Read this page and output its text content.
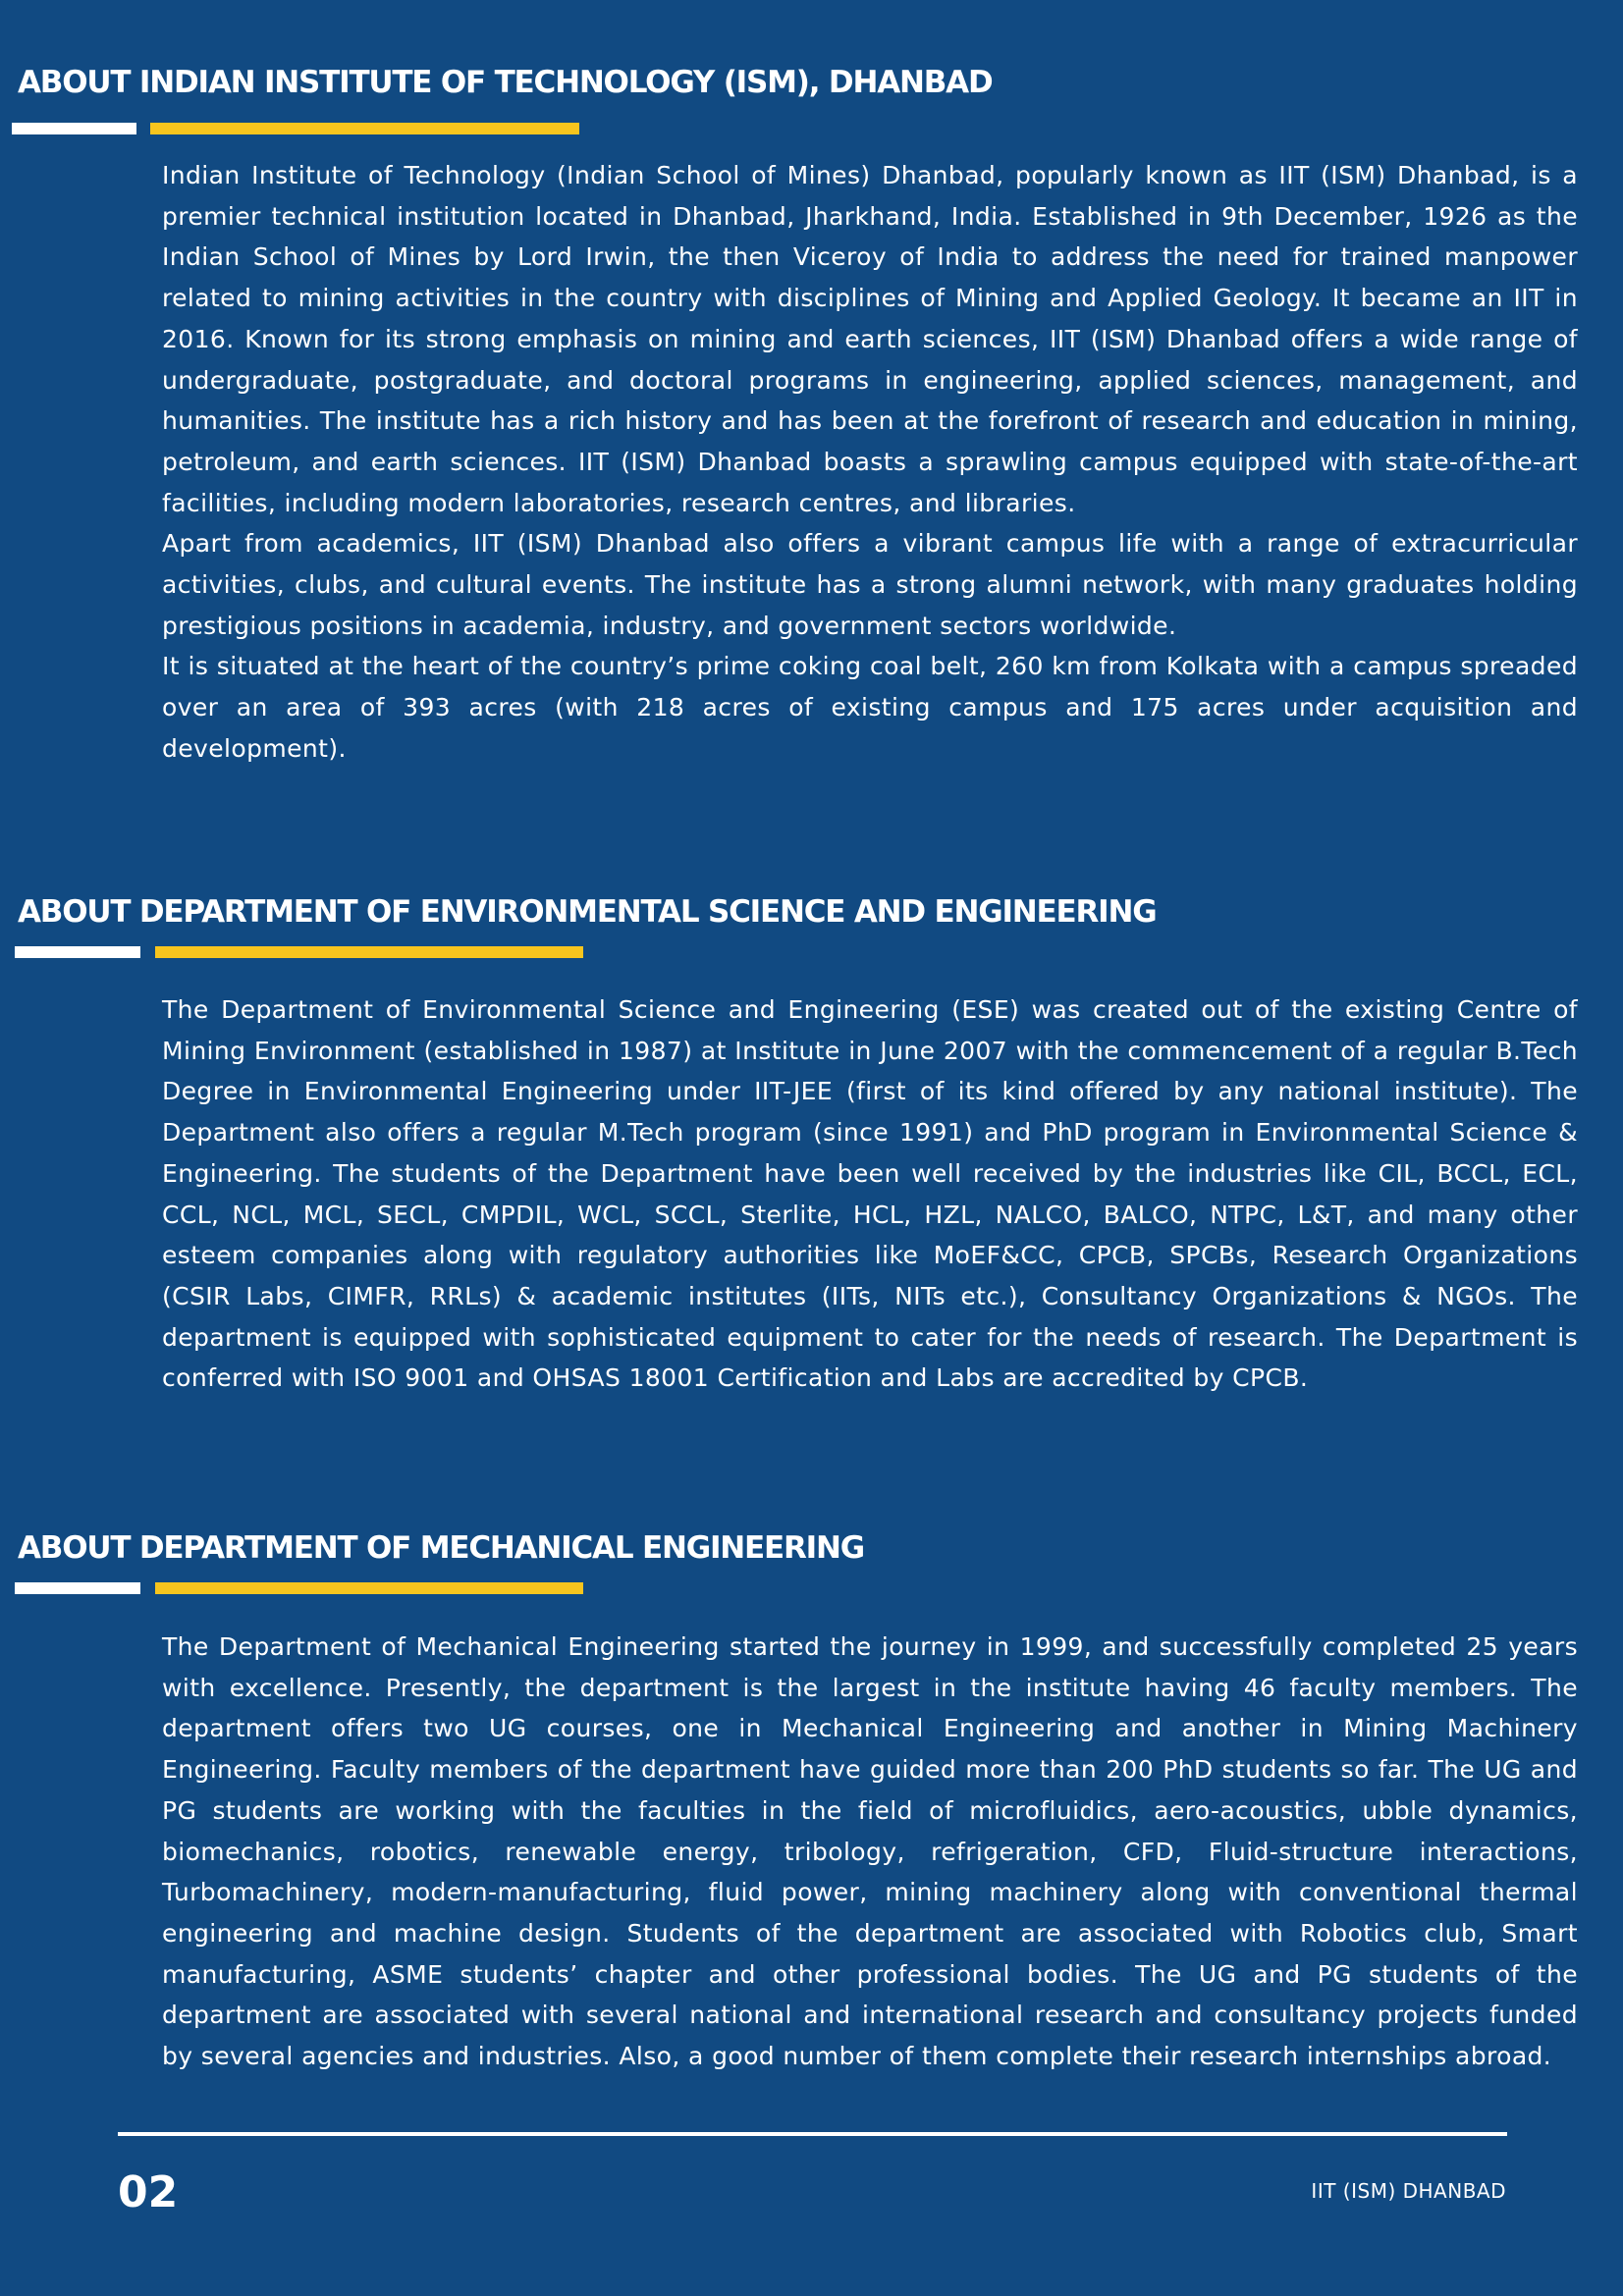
ABOUT INDIAN INSTITUTE OF TECHNOLOGY (ISM), DHANBAD

Indian Institute of Technology (Indian School of Mines) Dhanbad, popularly known as IIT (ISM) Dhanbad, is a premier technical institution located in Dhanbad, Jharkhand, India. Established in 9th December, 1926 as the Indian School of Mines by Lord Irwin, the then Viceroy of India to address the need for trained manpower related to mining activities in the country with disciplines of Mining and Applied Geology. It became an IIT in 2016. Known for its strong emphasis on mining and earth sciences, IIT (ISM) Dhanbad offers a wide range of undergraduate, postgraduate, and doctoral programs in engineering, applied sciences, management, and humanities. The institute has a rich history and has been at the forefront of research and education in mining, petroleum, and earth sciences. IIT (ISM) Dhanbad boasts a sprawling campus equipped with state-of-the-art facilities, including modern laboratories, research centres, and libraries.

Apart from academics, IIT (ISM) Dhanbad also offers a vibrant campus life with a range of extracurricular activities, clubs, and cultural events. The institute has a strong alumni network, with many graduates holding prestigious positions in academia, industry, and government sectors worldwide.

It is situated at the heart of the country’s prime coking coal belt, 260 km from Kolkata with a campus spreaded over an area of 393 acres (with 218 acres of existing campus and 175 acres under acquisition and development).

ABOUT DEPARTMENT OF ENVIRONMENTAL SCIENCE AND ENGINEERING

The Department of Environmental Science and Engineering (ESE) was created out of the existing Centre of Mining Environment (established in 1987) at Institute in June 2007 with the commencement of a regular B.Tech Degree in Environmental Engineering under IIT-JEE (first of its kind offered by any national institute). The Department also offers a regular M.Tech program (since 1991) and PhD program in Environmental Science & Engineering. The students of the Department have been well received by the industries like CIL, BCCL, ECL, CCL, NCL, MCL, SECL, CMPDIL, WCL, SCCL, Sterlite, HCL, HZL, NALCO, BALCO, NTPC, L&T, and many other esteem companies along with regulatory authorities like MoEF&CC, CPCB, SPCBs, Research Organizations (CSIR Labs, CIMFR, RRLs) & academic institutes (IITs, NITs etc.), Consultancy Organizations & NGOs. The department is equipped with sophisticated equipment to cater for the needs of research. The Department is conferred with ISO 9001 and OHSAS 18001 Certification and Labs are accredited by CPCB.

ABOUT DEPARTMENT OF MECHANICAL ENGINEERING

The Department of Mechanical Engineering started the journey in 1999, and successfully completed 25 years with excellence. Presently, the department is the largest in the institute having 46 faculty members. The department offers two UG courses, one in Mechanical Engineering and another in Mining Machinery Engineering. Faculty members of the department have guided more than 200 PhD students so far. The UG and PG students are working with the faculties in the field of microfluidics, aero-acoustics, ubble dynamics, biomechanics, robotics, renewable energy, tribology, refrigeration, CFD, Fluid-structure interactions, Turbomachinery, modern-manufacturing, fluid power, mining machinery along with conventional thermal engineering and machine design. Students of the department are associated with Robotics club, Smart manufacturing, ASME students’ chapter and other professional bodies. The UG and PG students of the department are associated with several national and international research and consultancy projects funded by several agencies and industries. Also, a good number of them complete their research internships abroad.

02	IIT (ISM) DHANBAD
